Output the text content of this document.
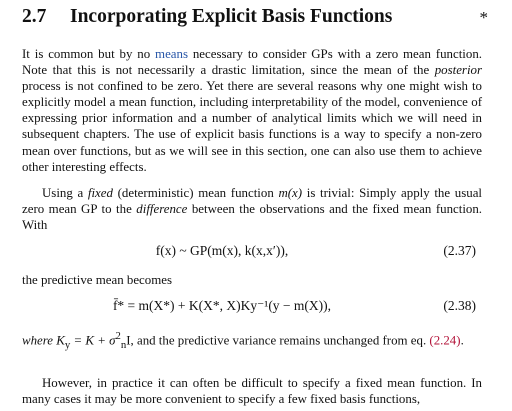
2.7 Incorporating Explicit Basis Functions	*
It is common but by no means necessary to consider GPs with a zero mean function. Note that this is not necessarily a drastic limitation, since the mean of the posterior process is not confined to be zero. Yet there are several reasons why one might wish to explicitly model a mean function, including interpretability of the model, convenience of expressing prior information and a number of analytical limits which we will need in subsequent chapters. The use of explicit basis functions is a way to specify a non-zero mean over functions, but as we will see in this section, one can also use them to achieve other interesting effects.
Using a fixed (deterministic) mean function m(x) is trivial: Simply apply the usual zero mean GP to the difference between the observations and the fixed mean function. With
f(x) ~ GP(m(x), k(x,x′)),	(2.37)
the predictive mean becomes
f̄* = m(X*) + K(X*, X)Ky⁻¹(y − m(X)),	(2.38)
where $K_y = K + \sigma^2_nI$, and the predictive variance remains unchanged from eq. (2.24).
However, in practice it can often be difficult to specify a fixed mean function. In many cases it may be more convenient to specify a few fixed basis functions,
